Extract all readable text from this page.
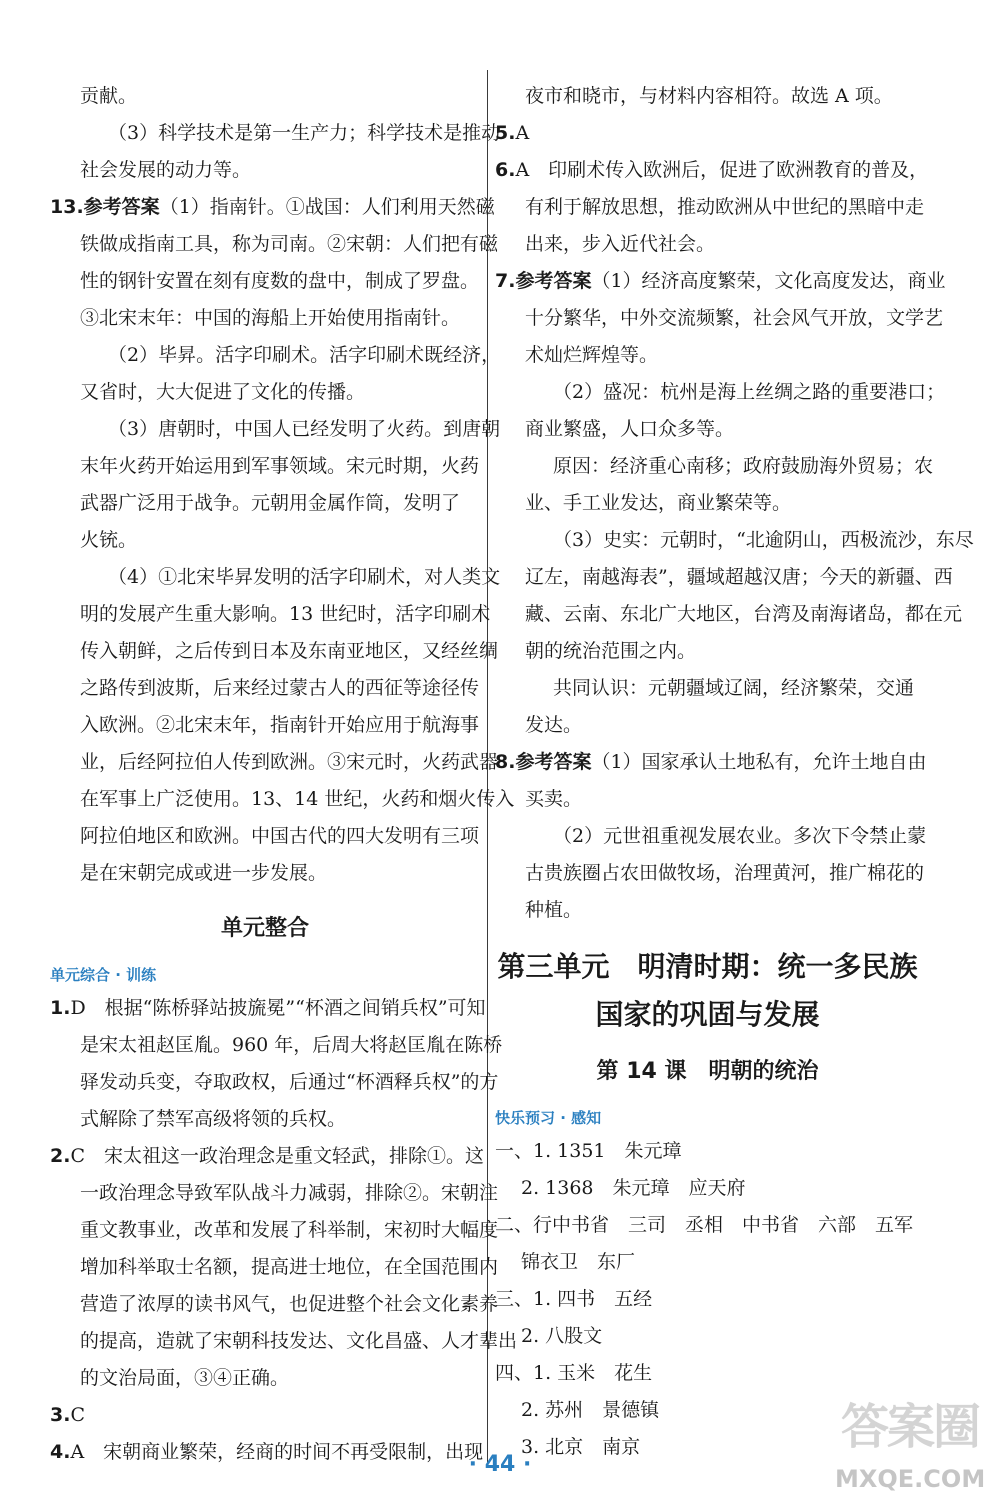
贡献。
（3）科学技术是第一生产力；科学技术是推动
社会发展的动力等。
13.参考答案（1）指南针。①战国：人们利用天然磁
铁做成指南工具，称为司南。②宋朝：人们把有磁
性的钢针安置在刻有度数的盘中，制成了罗盘。
③北宋末年：中国的海船上开始使用指南针。
（2）毕昇。活字印刷术。活字印刷术既经济，
又省时，大大促进了文化的传播。
（3）唐朝时，中国人已经发明了火药。到唐朝
末年火药开始运用到军事领域。宋元时期，火药
武器广泛用于战争。元朝用金属作筒，发明了
火铳。
（4）①北宋毕昇发明的活字印刷术，对人类文
明的发展产生重大影响。13 世纪时，活字印刷术
传入朝鲜，之后传到日本及东南亚地区，又经丝绸
之路传到波斯，后来经过蒙古人的西征等途径传
入欧洲。②北宋末年，指南针开始应用于航海事
业，后经阿拉伯人传到欧洲。③宋元时，火药武器
在军事上广泛使用。13、14 世纪，火药和烟火传入
阿拉伯地区和欧洲。中国古代的四大发明有三项
是在宋朝完成或进一步发展。
单元整合
单元综合 · 训练
1.D　根据“陈桥驿站披旒冕”“杯酒之间销兵权”可知
是宋太祖赵匡胤。960 年，后周大将赵匡胤在陈桥
驿发动兵变，夺取政权，后通过“杯酒释兵权”的方
式解除了禁军高级将领的兵权。
2.C　宋太祖这一政治理念是重文轻武，排除①。这
一政治理念导致军队战斗力减弱，排除②。宋朝注
重文教事业，改革和发展了科举制，宋初时大幅度
增加科举取士名额，提高进士地位，在全国范围内
营造了浓厚的读书风气，也促进整个社会文化素养
的提高，造就了宋朝科技发达、文化昌盛、人才辈出
的文治局面，③④正确。
3.C
4.A　宋朝商业繁荣，经商的时间不再受限制，出现
夜市和晓市，与材料内容相符。故选 A 项。
5.A
6.A　印刷术传入欧洲后，促进了欧洲教育的普及，
有利于解放思想，推动欧洲从中世纪的黑暗中走
出来，步入近代社会。
7.参考答案（1）经济高度繁荣，文化高度发达，商业
十分繁华，中外交流频繁，社会风气开放，文学艺
术灿烂辉煌等。
（2）盛况：杭州是海上丝绸之路的重要港口；
商业繁盛，人口众多等。
原因：经济重心南移；政府鼓励海外贸易；农
业、手工业发达，商业繁荣等。
（3）史实：元朝时，“北逾阴山，西极流沙，东尽
辽左，南越海表”，疆域超越汉唐；今天的新疆、西
藏、云南、东北广大地区，台湾及南海诸岛，都在元
朝的统治范围之内。
共同认识：元朝疆域辽阔，经济繁荣，交通
发达。
8.参考答案（1）国家承认土地私有，允许土地自由
买卖。
（2）元世祖重视发展农业。多次下令禁止蒙
古贵族圈占农田做牧场，治理黄河，推广棉花的
种植。
第三单元　明清时期：统一多民族
国家的巩固与发展
第 14 课　明朝的统治
快乐预习 · 感知
一、1. 1351　朱元璋
2. 1368　朱元璋　应天府
二、行中书省　三司　丞相　中书省　六部　五军
锦衣卫　东厂
三、1. 四书　五经
2. 八股文
四、1. 玉米　花生
2. 苏州　景德镇
3. 北京　南京
· 44 ·
答案圈
MXQE.COM
